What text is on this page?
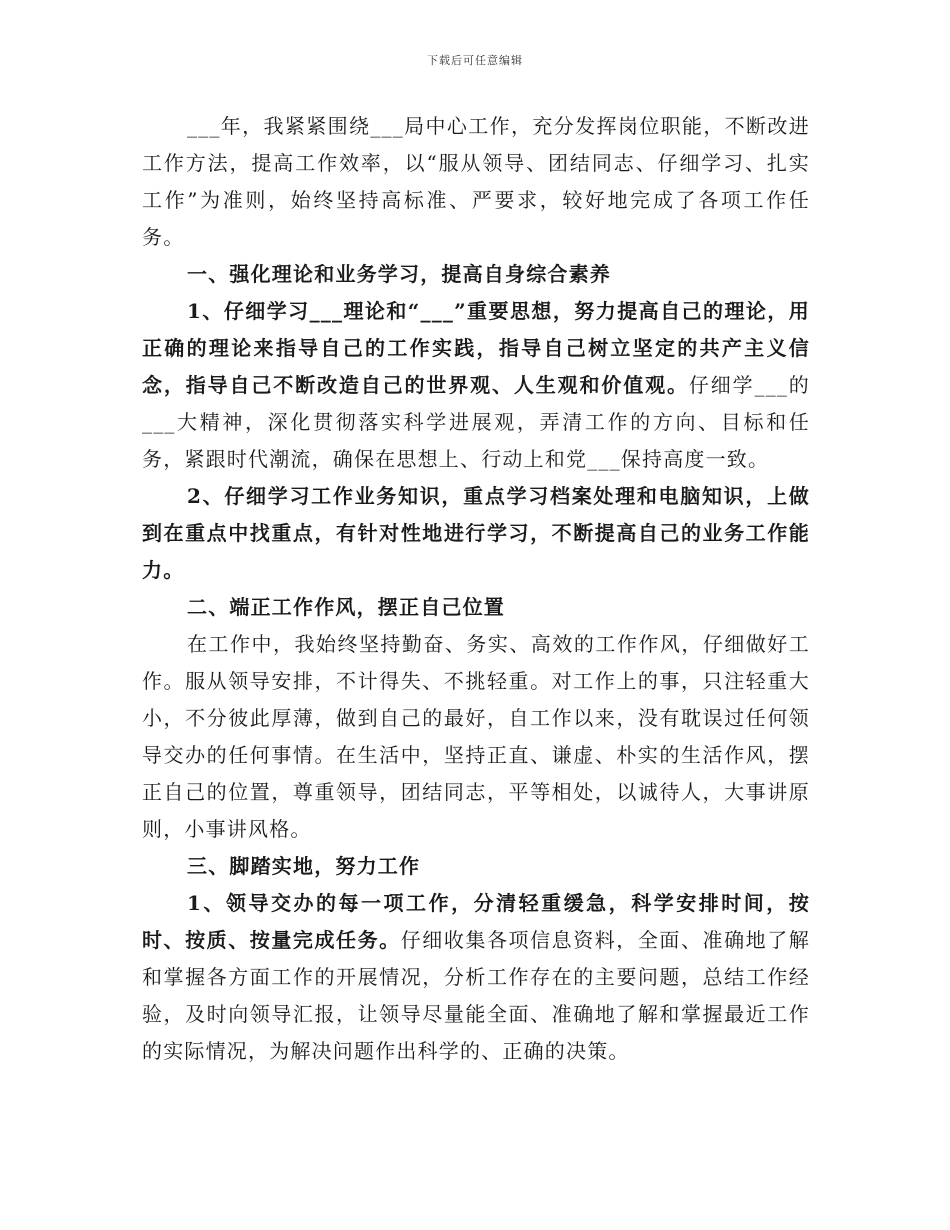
下载后可任意编辑

___年，我紧紧围绕___局中心工作，充分发挥岗位职能，不断改进工作方法，提高工作效率，以“服从领导、团结同志、仔细学习、扎实工作”为准则，始终坚持高标准、严要求，较好地完成了各项工作任务。

一、强化理论和业务学习，提高自身综合素养

1、仔细学习___理论和“___”重要思想，努力提高自己的理论，用正确的理论来指导自己的工作实践，指导自己树立坚定的共产主义信念，指导自己不断改造自己的世界观、人生观和价值观。仔细学___的___大精神，深化贯彻落实科学进展观，弄清工作的方向、目标和任务，紧跟时代潮流，确保在思想上、行动上和党___保持高度一致。

2、仔细学习工作业务知识，重点学习档案处理和电脑知识，上做到在重点中找重点，有针对性地进行学习，不断提高自己的业务工作能力。

二、端正工作作风，摆正自己位置

在工作中，我始终坚持勤奋、务实、高效的工作作风，仔细做好工作。服从领导安排，不计得失、不挑轻重。对工作上的事，只注轻重大小，不分彼此厚薄，做到自己的最好，自工作以来，没有耽误过任何领导交办的任何事情。在生活中，坚持正直、谦虚、朴实的生活作风，摆正自己的位置，尊重领导，团结同志，平等相处，以诚待人，大事讲原则，小事讲风格。

三、脚踏实地，努力工作

1、领导交办的每一项工作，分清轻重缓急，科学安排时间，按时、按质、按量完成任务。仔细收集各项信息资料，全面、准确地了解和掌握各方面工作的开展情况，分析工作存在的主要问题，总结工作经验，及时向领导汇报，让领导尽量能全面、准确地了解和掌握最近工作的实际情况，为解决问题作出科学的、正确的决策。
